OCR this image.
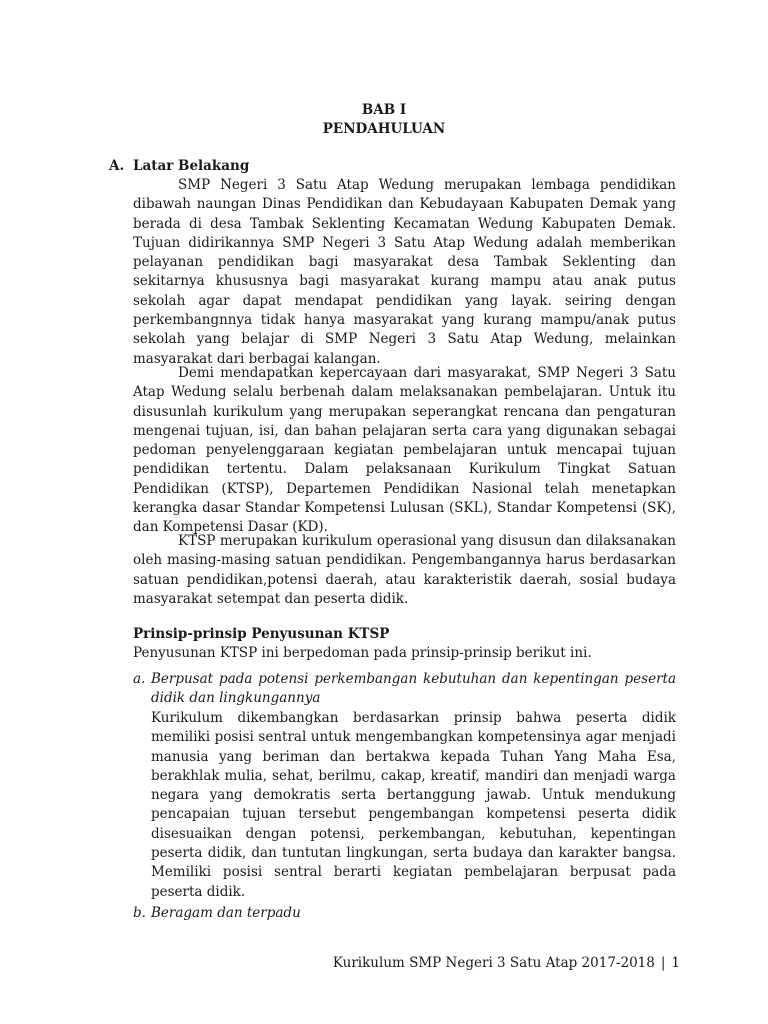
BAB I
PENDAHULUAN
A. Latar Belakang

SMP Negeri 3 Satu Atap Wedung merupakan lembaga pendidikan dibawah naungan Dinas Pendidikan dan Kebudayaan Kabupaten Demak yang berada di desa Tambak Seklenting Kecamatan Wedung Kabupaten Demak. Tujuan didirikannya SMP Negeri 3 Satu Atap Wedung adalah memberikan pelayanan pendidikan bagi masyarakat desa Tambak Seklenting dan sekitarnya khususnya bagi masyarakat kurang mampu atau anak putus sekolah agar dapat mendapat pendidikan yang layak. seiring dengan perkembangnnya tidak hanya masyarakat yang kurang mampu/anak putus sekolah yang belajar di SMP Negeri 3 Satu Atap Wedung, melainkan masyarakat dari berbagai kalangan.

Demi mendapatkan kepercayaan dari masyarakat, SMP Negeri 3 Satu Atap Wedung selalu berbenah dalam melaksanakan pembelajaran. Untuk itu disusunlah kurikulum yang merupakan seperangkat rencana dan pengaturan mengenai tujuan, isi, dan bahan pelajaran serta cara yang digunakan sebagai pedoman penyelenggaraan kegiatan pembelajaran untuk mencapai tujuan pendidikan tertentu. Dalam pelaksanaan Kurikulum Tingkat Satuan Pendidikan (KTSP), Departemen Pendidikan Nasional telah menetapkan kerangka dasar Standar Kompetensi Lulusan (SKL), Standar Kompetensi (SK), dan Kompetensi Dasar (KD).

KTSP merupakan kurikulum operasional yang disusun dan dilaksanakan oleh masing-masing satuan pendidikan. Pengembangannya harus berdasarkan satuan pendidikan,potensi daerah, atau karakteristik daerah, sosial budaya masyarakat setempat dan peserta didik.

Prinsip-prinsip Penyusunan KTSP
Penyusunan KTSP ini berpedoman pada prinsip-prinsip berikut ini.
a. Berpusat pada potensi perkembangan kebutuhan dan kepentingan peserta didik dan lingkungannya

Kurikulum dikembangkan berdasarkan prinsip bahwa peserta didik memiliki posisi sentral untuk mengembangkan kompetensinya agar menjadi manusia yang beriman dan bertakwa kepada Tuhan Yang Maha Esa, berakhlak mulia, sehat, berilmu, cakap, kreatif, mandiri dan menjadi warga negara yang demokratis serta bertanggung jawab. Untuk mendukung pencapaian tujuan tersebut pengembangan kompetensi peserta didik disesuaikan dengan potensi, perkembangan, kebutuhan, kepentingan peserta didik, dan tuntutan lingkungan, serta budaya dan karakter bangsa. Memiliki posisi sentral berarti kegiatan pembelajaran berpusat pada peserta didik.

b. Beragam dan terpadu
Kurikulum SMP Negeri 3 Satu Atap 2017-2018 | 1
